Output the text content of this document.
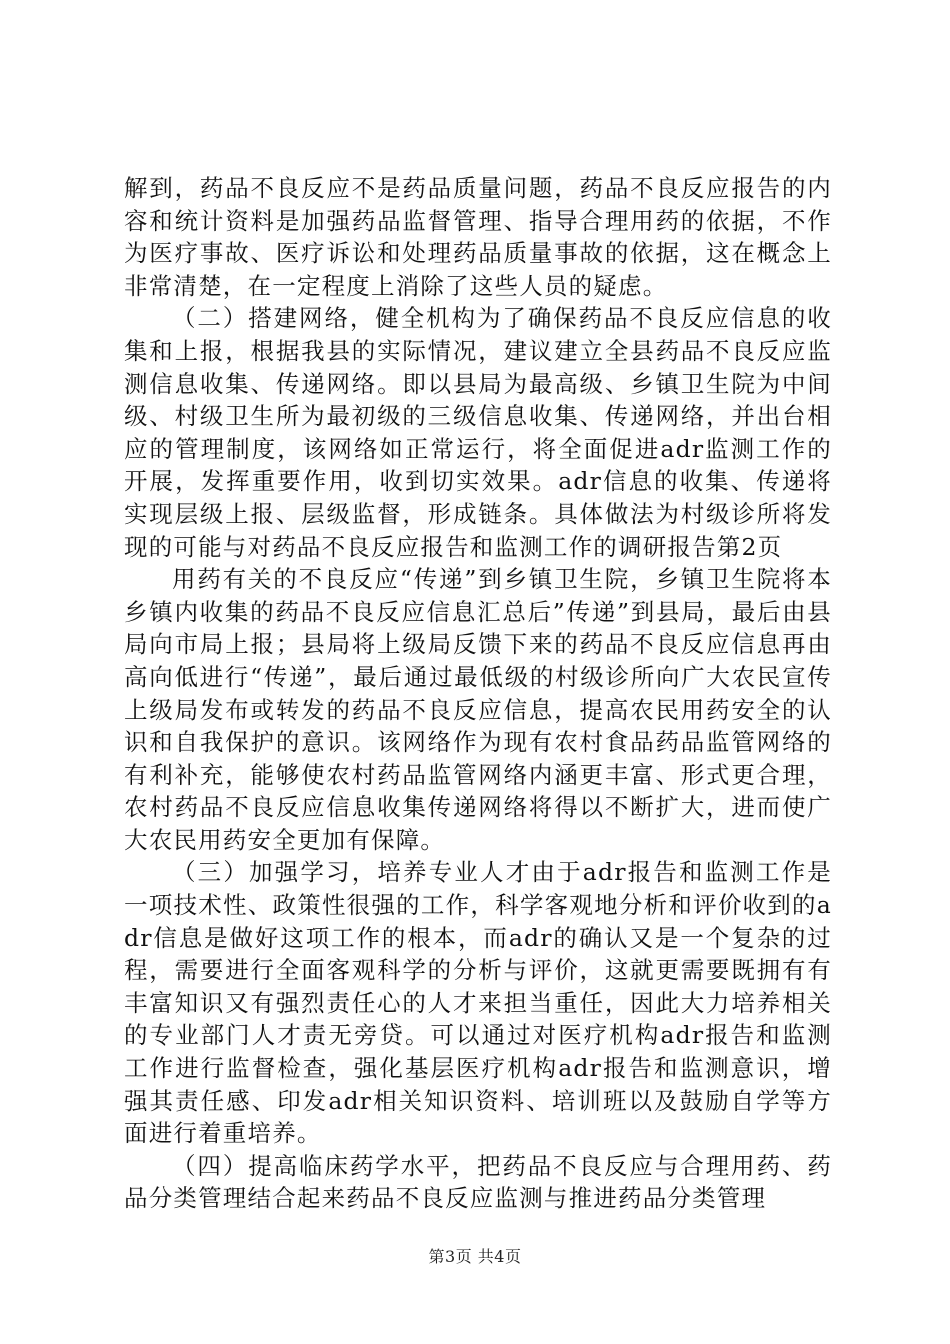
解到，药品不良反应不是药品质量问题，药品不良反应报告的内容和统计资料是加强药品监督管理、指导合理用药的依据，不作为医疗事故、医疗诉讼和处理药品质量事故的依据，这在概念上非常清楚，在一定程度上消除了这些人员的疑虑。

（二）搭建网络，健全机构为了确保药品不良反应信息的收集和上报，根据我县的实际情况，建议建立全县药品不良反应监测信息收集、传递网络。即以县局为最高级、乡镇卫生院为中间级、村级卫生所为最初级的三级信息收集、传递网络，并出台相应的管理制度，该网络如正常运行，将全面促进adr监测工作的开展，发挥重要作用，收到切实效果。adr信息的收集、传递将实现层级上报、层级监督，形成链条。具体做法为村级诊所将发现的可能与对药品不良反应报告和监测工作的调研报告第2页

用药有关的不良反应“传递”到乡镇卫生院，乡镇卫生院将本乡镇内收集的药品不良反应信息汇总后”传递”到县局，最后由县局向市局上报；县局将上级局反馈下来的药品不良反应信息再由高向低进行“传递”，最后通过最低级的村级诊所向广大农民宣传上级局发布或转发的药品不良反应信息，提高农民用药安全的认识和自我保护的意识。该网络作为现有农村食品药品监管网络的有利补充，能够使农村药品监管网络内涵更丰富、形式更合理，农村药品不良反应信息收集传递网络将得以不断扩大，进而使广大农民用药安全更加有保障。

（三）加强学习，培养专业人才由于adr报告和监测工作是一项技术性、政策性很强的工作，科学客观地分析和评价收到的adr信息是做好这项工作的根本，而adr的确认又是一个复杂的过程，需要进行全面客观科学的分析与评价，这就更需要既拥有有丰富知识又有强烈责任心的人才来担当重任，因此大力培养相关的专业部门人才责无旁贷。可以通过对医疗机构adr报告和监测工作进行监督检查，强化基层医疗机构adr报告和监测意识，增强其责任感、印发adr相关知识资料、培训班以及鼓励自学等方面进行着重培养。

（四）提高临床药学水平，把药品不良反应与合理用药、药品分类管理结合起来药品不良反应监测与推进药品分类管理

第3页 共4页
